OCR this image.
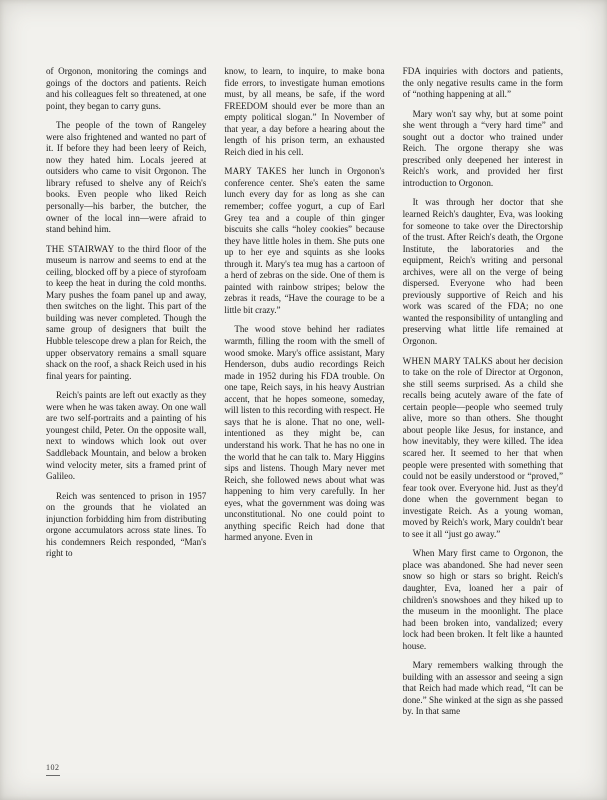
of Orgonon, monitoring the comings and goings of the doctors and patients. Reich and his colleagues felt so threatened, at one point, they began to carry guns.

The people of the town of Rangeley were also frightened and wanted no part of it. If before they had been leery of Reich, now they hated him. Locals jeered at outsiders who came to visit Orgonon. The library refused to shelve any of Reich's books. Even people who liked Reich personally—his barber, the butcher, the owner of the local inn—were afraid to stand behind him.

THE STAIRWAY to the third floor of the museum is narrow and seems to end at the ceiling, blocked off by a piece of styrofoam to keep the heat in during the cold months. Mary pushes the foam panel up and away, then switches on the light. This part of the building was never completed. Though the same group of designers that built the Hubble telescope drew a plan for Reich, the upper observatory remains a small square shack on the roof, a shack Reich used in his final years for painting.

Reich's paints are left out exactly as they were when he was taken away. On one wall are two self-portraits and a painting of his youngest child, Peter. On the opposite wall, next to windows which look out over Saddleback Mountain, and below a broken wind velocity meter, sits a framed print of Galileo.

Reich was sentenced to prison in 1957 on the grounds that he violated an injunction forbidding him from distributing orgone accumulators across state lines. To his condemners Reich responded, “Man's right to

know, to learn, to inquire, to make bona fide errors, to investigate human emotions must, by all means, be safe, if the word FREEDOM should ever be more than an empty political slogan.” In November of that year, a day before a hearing about the length of his prison term, an exhausted Reich died in his cell.

MARY TAKES her lunch in Orgonon's conference center. She's eaten the same lunch every day for as long as she can remember; coffee yogurt, a cup of Earl Grey tea and a couple of thin ginger biscuits she calls “holey cookies” because they have little holes in them. She puts one up to her eye and squints as she looks through it. Mary's tea mug has a cartoon of a herd of zebras on the side. One of them is painted with rainbow stripes; below the zebras it reads, “Have the courage to be a little bit crazy.”

The wood stove behind her radiates warmth, filling the room with the smell of wood smoke. Mary's office assistant, Mary Henderson, dubs audio recordings Reich made in 1952 during his FDA trouble. On one tape, Reich says, in his heavy Austrian accent, that he hopes someone, someday, will listen to this recording with respect. He says that he is alone. That no one, well-intentioned as they might be, can understand his work. That he has no one in the world that he can talk to. Mary Higgins sips and listens. Though Mary never met Reich, she followed news about what was happening to him very carefully. In her eyes, what the government was doing was unconstitutional. No one could point to anything specific Reich had done that harmed anyone. Even in

FDA inquiries with doctors and patients, the only negative results came in the form of “nothing happening at all.”

Mary won't say why, but at some point she went through a “very hard time” and sought out a doctor who trained under Reich. The orgone therapy she was prescribed only deepened her interest in Reich's work, and provided her first introduction to Orgonon.

It was through her doctor that she learned Reich's daughter, Eva, was looking for someone to take over the Directorship of the trust. After Reich's death, the Orgone Institute, the laboratories and the equipment, Reich's writing and personal archives, were all on the verge of being dispersed. Everyone who had been previously supportive of Reich and his work was scared of the FDA; no one wanted the responsibility of untangling and preserving what little life remained at Orgonon.

WHEN MARY TALKS about her decision to take on the role of Director at Orgonon, she still seems surprised. As a child she recalls being acutely aware of the fate of certain people—people who seemed truly alive, more so than others. She thought about people like Jesus, for instance, and how inevitably, they were killed. The idea scared her. It seemed to her that when people were presented with something that could not be easily understood or “proved,” fear took over. Everyone hid. Just as they'd done when the government began to investigate Reich. As a young woman, moved by Reich's work, Mary couldn't bear to see it all “just go away.”

When Mary first came to Orgonon, the place was abandoned. She had never seen snow so high or stars so bright. Reich's daughter, Eva, loaned her a pair of children's snowshoes and they hiked up to the museum in the moonlight. The place had been broken into, vandalized; every lock had been broken. It felt like a haunted house.

Mary remembers walking through the building with an assessor and seeing a sign that Reich had made which read, “It can be done.” She winked at the sign as she passed by. In that same

102
